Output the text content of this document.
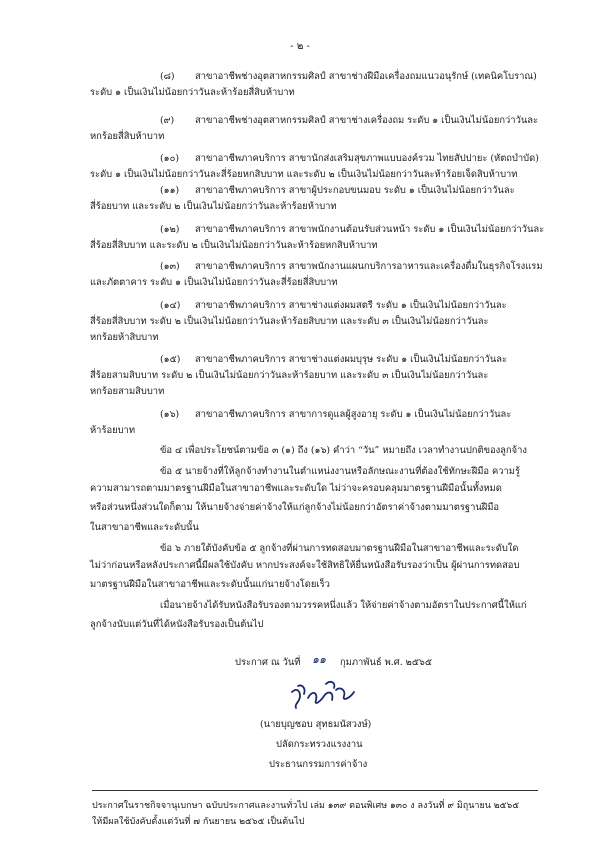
- ๒ -
(๘) สาขาอาชีพช่างอุตสาหกรรมศิลป์ สาขาช่างฝีมือเครื่องถมแนวอนุรักษ์ (เทคนิคโบราณ)
ระดับ ๑ เป็นเงินไม่น้อยกว่าวันละห้าร้อยสี่สิบห้าบาท
(๙) สาขาอาชีพช่างอุตสาหกรรมศิลป์ สาขาช่างเครื่องถม ระดับ ๑ เป็นเงินไม่น้อยกว่าวันละ
หกร้อยสี่สิบห้าบาท
(๑๐) สาขาอาชีพภาคบริการ สาขานักส่งเสริมสุขภาพแบบองค์รวม ไทยสัปปายะ (หัตถบำบัด)
ระดับ ๑ เป็นเงินไม่น้อยกว่าวันละสี่ร้อยหกสิบบาท และระดับ ๒ เป็นเงินไม่น้อยกว่าวันละห้าร้อยเจ็ดสิบห้าบาท
(๑๑) สาขาอาชีพภาคบริการ สาขาผู้ประกอบขนมอบ ระดับ ๑ เป็นเงินไม่น้อยกว่าวันละ
สี่ร้อยบาท และระดับ ๒ เป็นเงินไม่น้อยกว่าวันละห้าร้อยห้าบาท
(๑๒) สาขาอาชีพภาคบริการ สาขาพนักงานต้อนรับส่วนหน้า ระดับ ๑ เป็นเงินไม่น้อยกว่าวันละ
สี่ร้อยสี่สิบบาท และระดับ ๒ เป็นเงินไม่น้อยกว่าวันละห้าร้อยหกสิบห้าบาท
(๑๓) สาขาอาชีพภาคบริการ สาขาพนักงานแผนกบริการอาหารและเครื่องดื่มในธุรกิจโรงแรม
และภัตตาคาร ระดับ ๑ เป็นเงินไม่น้อยกว่าวันละสี่ร้อยสี่สิบบาท
(๑๔) สาขาอาชีพภาคบริการ สาขาช่างแต่งผมสตรี ระดับ ๑ เป็นเงินไม่น้อยกว่าวันละ
สี่ร้อยสี่สิบบาท ระดับ ๒ เป็นเงินไม่น้อยกว่าวันละห้าร้อยสิบบาท และระดับ ๓ เป็นเงินไม่น้อยกว่าวันละ
หกร้อยห้าสิบบาท
(๑๕) สาขาอาชีพภาคบริการ สาขาช่างแต่งผมบุรุษ ระดับ ๑ เป็นเงินไม่น้อยกว่าวันละ
สี่ร้อยสามสิบบาท ระดับ ๒ เป็นเงินไม่น้อยกว่าวันละห้าร้อยบาท และระดับ ๓ เป็นเงินไม่น้อยกว่าวันละ
หกร้อยสามสิบบาท
(๑๖) สาขาอาชีพภาคบริการ สาขาการดูแลผู้สูงอายุ ระดับ ๑ เป็นเงินไม่น้อยกว่าวันละ
ห้าร้อยบาท
ข้อ ๔ เพื่อประโยชน์ตามข้อ ๓ (๑) ถึง (๑๖) คำว่า “วัน” หมายถึง เวลาทำงานปกติของลูกจ้าง
ข้อ ๕ นายจ้างที่ให้ลูกจ้างทำงานในตำแหน่งงานหรือลักษณะงานที่ต้องใช้ทักษะฝีมือ ความรู้
ความสามารถตามมาตรฐานฝีมือในสาขาอาชีพและระดับใด ไม่ว่าจะครอบคลุมมาตรฐานฝีมือนั้นทั้งหมด
หรือส่วนหนึ่งส่วนใดก็ตาม ให้นายจ้างจ่ายค่าจ้างให้แก่ลูกจ้างไม่น้อยกว่าอัตราค่าจ้างตามมาตรฐานฝีมือ
ในสาขาอาชีพและระดับนั้น
ข้อ ๖ ภายใต้บังคับข้อ ๕ ลูกจ้างที่ผ่านการทดสอบมาตรฐานฝีมือในสาขาอาชีพและระดับใด
ไม่ว่าก่อนหรือหลังประกาศนี้มีผลใช้บังคับ หากประสงค์จะใช้สิทธิให้ยื่นหนังสือรับรองว่าเป็น ผู้ผ่านการทดสอบ
มาตรฐานฝีมือในสาขาอาชีพและระดับนั้นแก่นายจ้างโดยเร็ว
เมื่อนายจ้างได้รับหนังสือรับรองตามวรรคหนึ่งแล้ว ให้จ่ายค่าจ้างตามอัตราในประกาศนี้ให้แก่
ลูกจ้างนับแต่วันที่ได้หนังสือรับรองเป็นต้นไป
ประกาศ ณ วันที่ ๑๑ กุมภาพันธ์ พ.ศ. ๒๕๖๕
(นายบุญชอบ สุทธมนัสวงษ์)
ปลัดกระทรวงแรงงาน
ประธานกรรมการค่าจ้าง
ประกาศในราชกิจจานุเบกษา ฉบับประกาศและงานทั่วไป เล่ม ๑๓๙ ตอนพิเศษ ๑๓๐ ง ลงวันที่ ๙ มิถุนายน ๒๕๖๕
ให้มีผลใช้บังคับตั้งแต่วันที่ ๗ กันยายน ๒๕๖๕ เป็นต้นไป
